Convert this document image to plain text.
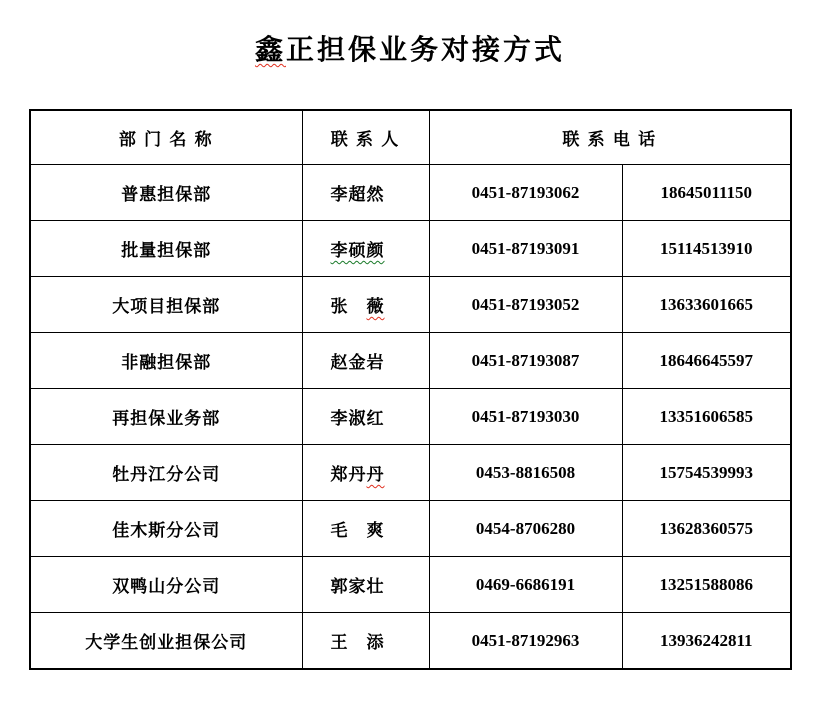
鑫正担保业务对接方式
部 门 名 称	联 系 人	联 系 电 话	
普惠担保部	李超然	0451-87193062	18645011150
批量担保部	李硕颜	0451-87193091	15114513910
大项目担保部	张　薇	0451-87193052	13633601665
非融担保部	赵金岩	0451-87193087	18646645597
再担保业务部	李淑红	0451-87193030	13351606585
牡丹江分公司	郑丹丹	0453-8816508	15754539993
佳木斯分公司	毛　爽	0454-8706280	13628360575
双鸭山分公司	郭家壮	0469-6686191	13251588086
大学生创业担保公司	王　添	0451-87192963	13936242811
